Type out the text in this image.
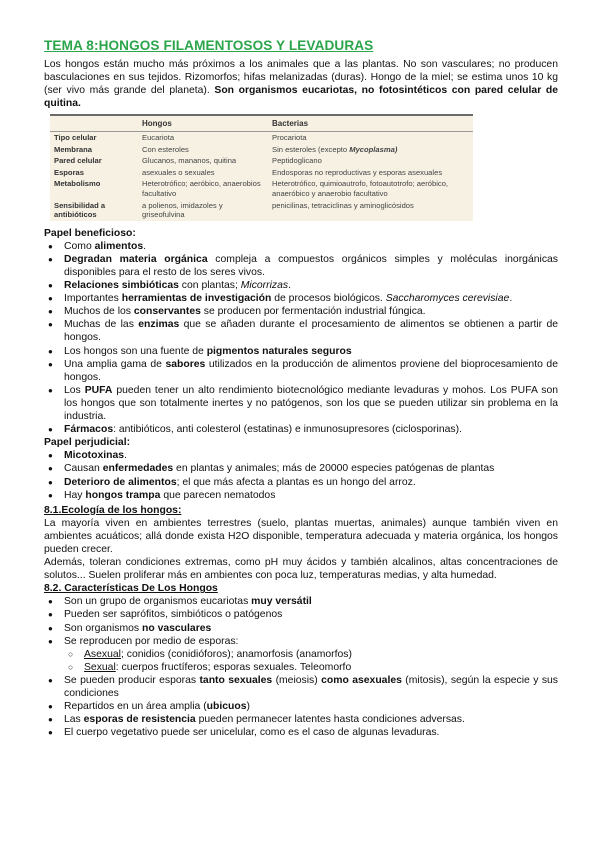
TEMA 8:HONGOS FILAMENTOSOS Y LEVADURAS

Los hongos están mucho más próximos a los animales que a las plantas. No son vasculares; no producen basculaciones en sus tejidos. Rizomorfos; hifas melanizadas (duras). Hongo de la miel; se estima unos 10 kg (ser vivo más grande del planeta). Son organismos eucariotas, no fotosintéticos con pared celular de quitina.

	Hongos	Bacterias
Tipo celular	Eucariota	Procariota
Membrana	Con esteroles	Sin esteroles (excepto Mycoplasma)
Pared celular	Glucanos, mananos, quitina	Peptidoglicano
Esporas	asexuales o sexuales	Endosporas no reproductivas y esporas asexuales
Metabolismo	Heterotrófico; aeróbico, anaerobios facultativo	Heterotrófico, quimioautrofo, fotoautotrofo; aeróbico, anaeróbico y anaerobio facultativo
Sensibilidad a antibióticos	a polienos, imidazoles y griseofulvina	penicilinas, tetraciclinas y aminoglicósidos
Papel beneficioso:
● Como alimentos.
● Degradan materia orgánica compleja a compuestos orgánicos simples y moléculas inorgánicas disponibles para el resto de los seres vivos.
● Relaciones simbióticas con plantas; Micorrizas.
● Importantes herramientas de investigación de procesos biológicos. Saccharomyces cerevisiae.
● Muchos de los conservantes se producen por fermentación industrial fúngica.
● Muchas de las enzimas que se añaden durante el procesamiento de alimentos se obtienen a partir de hongos.
● Los hongos son una fuente de pigmentos naturales seguros
● Una amplia gama de sabores utilizados en la producción de alimentos proviene del bioprocesamiento de hongos.
● Los PUFA pueden tener un alto rendimiento biotecnológico mediante levaduras y mohos. Los PUFA son los hongos que son totalmente inertes y no patógenos, son los que se pueden utilizar sin problema en la industria.
● Fármacos: antibióticos, anti colesterol (estatinas) e inmunosupresores (ciclosporinas).
Papel perjudicial:
● Micotoxinas.
● Causan enfermedades en plantas y animales; más de 20000 especies patógenas de plantas
● Deterioro de alimentos; el que más afecta a plantas es un hongo del arroz.
● Hay hongos trampa que parecen nematodos
8.1.Ecología de los hongos:

La mayoría viven en ambientes terrestres (suelo, plantas muertas, animales) aunque también viven en ambientes acuáticos; allá donde exista H2O disponible, temperatura adecuada y materia orgánica, los hongos pueden crecer.

Además, toleran condiciones extremas, como pH muy ácidos y también alcalinos, altas concentraciones de solutos... Suelen proliferar más en ambientes con poca luz, temperaturas medias, y alta humedad.

8.2. Características De Los Hongos
● Son un grupo de organismos eucariotas muy versátil
● Pueden ser saprófitos, simbióticos o patógenos
● Son organismos no vasculares
● Se reproducen por medio de esporas:
○ Asexual; conidios (conidióforos); anamorfosis (anamorfos)
○ Sexual: cuerpos fructíferos; esporas sexuales. Teleomorfo
● Se pueden producir esporas tanto sexuales (meiosis) como asexuales (mitosis), según la especie y sus condiciones
● Repartidos en un área amplia (ubicuos)
● Las esporas de resistencia pueden permanecer latentes hasta condiciones adversas.
● El cuerpo vegetativo puede ser unicelular, como es el caso de algunas levaduras.
